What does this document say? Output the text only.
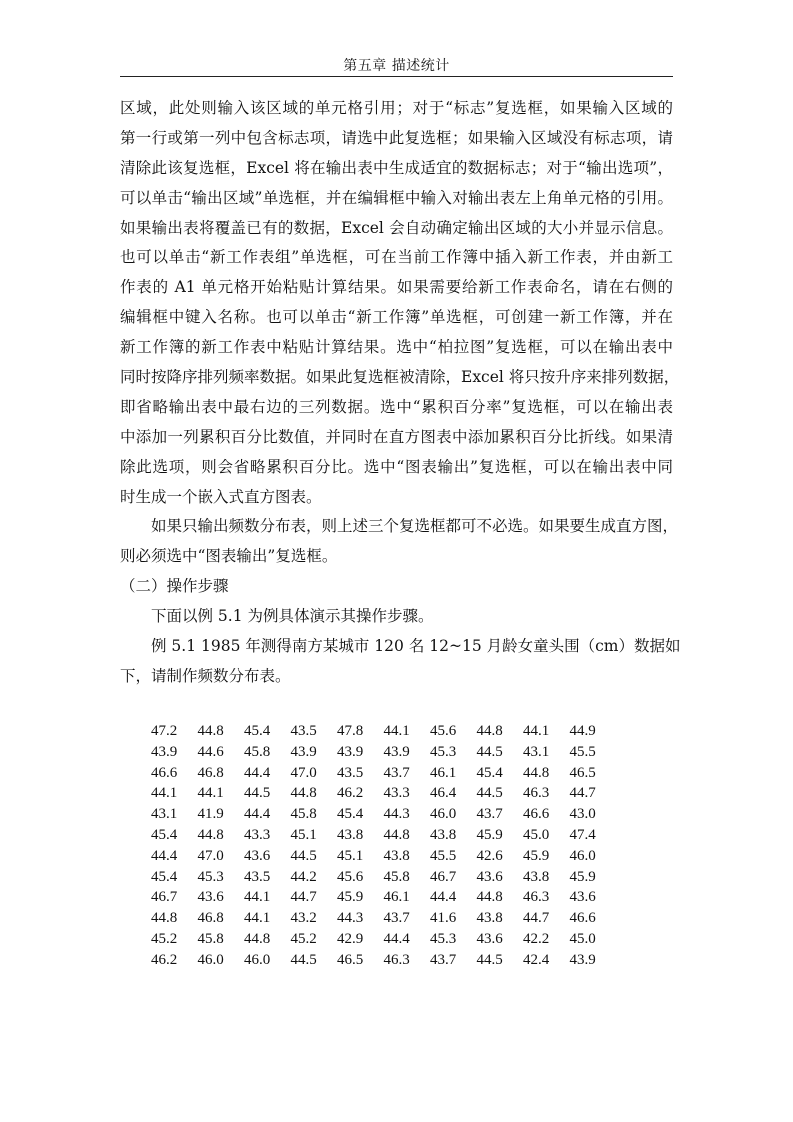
第五章 描述统计
区域，此处则输入该区域的单元格引用；对于“标志”复选框，如果输入区域的
第一行或第一列中包含标志项，请选中此复选框；如果输入区域没有标志项，请
清除此该复选框，Excel 将在输出表中生成适宜的数据标志；对于“输出选项”，
可以单击“输出区域”单选框，并在编辑框中输入对输出表左上角单元格的引用。
如果输出表将覆盖已有的数据，Excel 会自动确定输出区域的大小并显示信息。
也可以单击“新工作表组”单选框，可在当前工作簿中插入新工作表，并由新工
作表的 A1 单元格开始粘贴计算结果。如果需要给新工作表命名，请在右侧的
编辑框中键入名称。也可以单击“新工作簿”单选框，可创建一新工作簿，并在
新工作簿的新工作表中粘贴计算结果。选中“柏拉图”复选框，可以在输出表中
同时按降序排列频率数据。如果此复选框被清除，Excel 将只按升序来排列数据，
即省略输出表中最右边的三列数据。选中“累积百分率”复选框，可以在输出表
中添加一列累积百分比数值，并同时在直方图表中添加累积百分比折线。如果清
除此选项，则会省略累积百分比。选中“图表输出”复选框，可以在输出表中同
时生成一个嵌入式直方图表。
如果只输出频数分布表，则上述三个复选框都可不必选。如果要生成直方图，
则必须选中“图表输出”复选框。
（二）操作步骤
下面以例 5.1 为例具体演示其操作步骤。
例 5.1 1985 年测得南方某城市 120 名 12~15 月龄女童头围（cm）数据如
下，请制作频数分布表。
47.2	44.8	45.4	43.5	47.8	44.1	45.6	44.8	44.1	44.9
43.9	44.6	45.8	43.9	43.9	43.9	45.3	44.5	43.1	45.5
46.6	46.8	44.4	47.0	43.5	43.7	46.1	45.4	44.8	46.5
44.1	44.1	44.5	44.8	46.2	43.3	46.4	44.5	46.3	44.7
43.1	41.9	44.4	45.8	45.4	44.3	46.0	43.7	46.6	43.0
45.4	44.8	43.3	45.1	43.8	44.8	43.8	45.9	45.0	47.4
44.4	47.0	43.6	44.5	45.1	43.8	45.5	42.6	45.9	46.0
45.4	45.3	43.5	44.2	45.6	45.8	46.7	43.6	43.8	45.9
46.7	43.6	44.1	44.7	45.9	46.1	44.4	44.8	46.3	43.6
44.8	46.8	44.1	43.2	44.3	43.7	41.6	43.8	44.7	46.6
45.2	45.8	44.8	45.2	42.9	44.4	45.3	43.6	42.2	45.0
46.2	46.0	46.0	44.5	46.5	46.3	43.7	44.5	42.4	43.9
